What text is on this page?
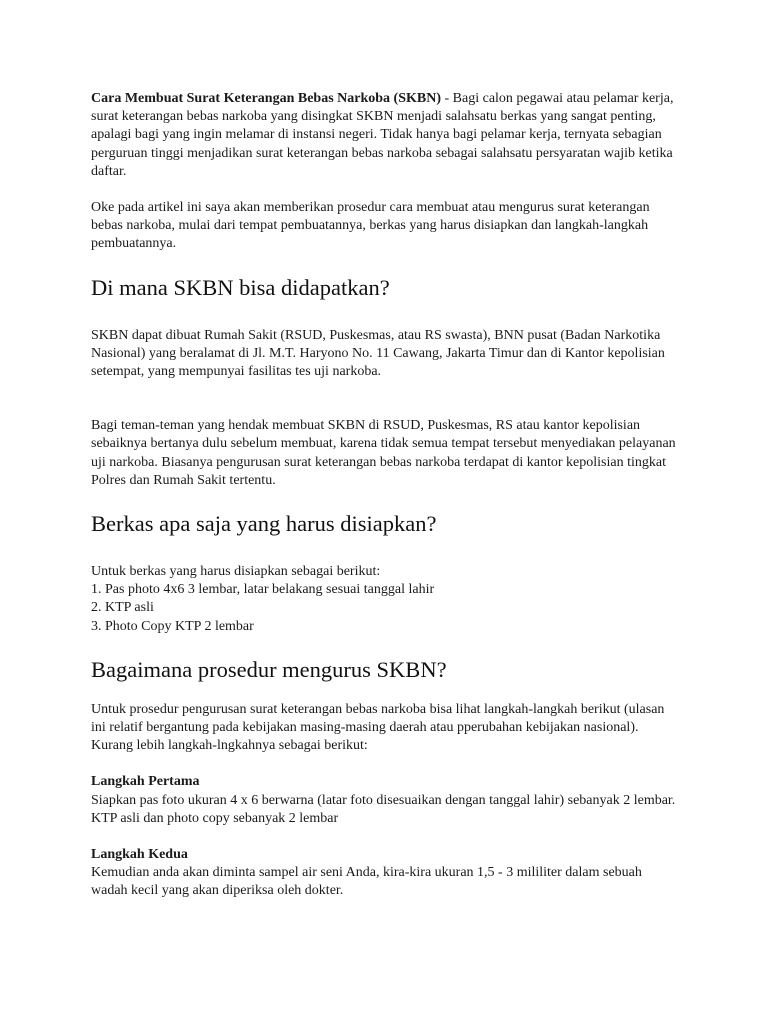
Cara Membuat Surat Keterangan Bebas Narkoba (SKBN) - Bagi calon pegawai atau pelamar kerja, surat keterangan bebas narkoba yang disingkat SKBN menjadi salahsatu berkas yang sangat penting, apalagi bagi yang ingin melamar di instansi negeri. Tidak hanya bagi pelamar kerja, ternyata sebagian perguruan tinggi menjadikan surat keterangan bebas narkoba sebagai salahsatu persyaratan wajib ketika daftar.

Oke pada artikel ini saya akan memberikan prosedur cara membuat atau mengurus surat keterangan bebas narkoba, mulai dari tempat pembuatannya, berkas yang harus disiapkan dan langkah-langkah pembuatannya.

Di mana SKBN bisa didapatkan?

SKBN dapat dibuat Rumah Sakit (RSUD, Puskesmas, atau RS swasta), BNN pusat (Badan Narkotika Nasional) yang beralamat di Jl. M.T. Haryono No. 11 Cawang, Jakarta Timur dan di Kantor kepolisian setempat, yang mempunyai fasilitas tes uji narkoba.

Bagi teman-teman yang hendak membuat SKBN di RSUD, Puskesmas, RS atau kantor kepolisian sebaiknya bertanya dulu sebelum membuat, karena tidak semua tempat tersebut menyediakan pelayanan uji narkoba. Biasanya pengurusan surat keterangan bebas narkoba terdapat di kantor kepolisian tingkat Polres dan Rumah Sakit tertentu.

Berkas apa saja yang harus disiapkan?

Untuk berkas yang harus disiapkan sebagai berikut:
1. Pas photo 4x6 3 lembar, latar belakang sesuai tanggal lahir
2. KTP asli
3. Photo Copy KTP 2 lembar

Bagaimana prosedur mengurus SKBN?

Untuk prosedur pengurusan surat keterangan bebas narkoba bisa lihat langkah-langkah berikut (ulasan ini relatif bergantung pada kebijakan masing-masing daerah atau pperubahan kebijakan nasional). Kurang lebih langkah-lngkahnya sebagai berikut:

Langkah Pertama
Siapkan pas foto ukuran 4 x 6 berwarna (latar foto disesuaikan dengan tanggal lahir) sebanyak 2 lembar. KTP asli dan photo copy sebanyak 2 lembar

Langkah Kedua
Kemudian anda akan diminta sampel air seni Anda, kira-kira ukuran 1,5 - 3 mililiter dalam sebuah wadah kecil yang akan diperiksa oleh dokter.
